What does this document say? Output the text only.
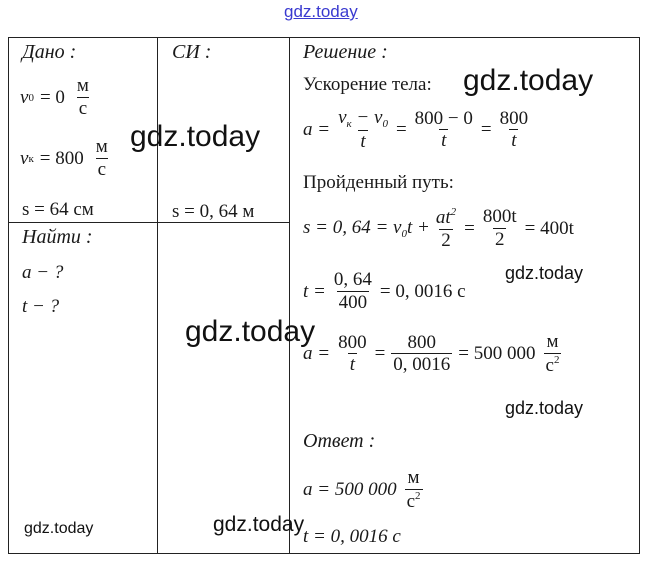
gdz.today
Дано :
v $0 = 0 \frac{м}{с}$
v $к = 800 \frac{м}{с}$
s = 64 см
Найти :
a − ?
t − ?
gdz.today
СИ :
s = 0, 64 м
Решение :
Ускорение тела:
$a = \frac{v_к - v_0}{t} = \frac{800 - 0}{t} = \frac{800}{t}$
Пройденный путь:
s = 0, $64 = v_0t + \frac{at^2}{2} = \frac{800t}{2} = 400t$
gdz.today
$t = \frac{0, 64}{400} = 0$, 0016 с
$a = \frac{800}{t} = \frac{800}{0, 0016} = 500$ $000 \frac{м}{с^2}$
gdz.today
Ответ :
a = 500 $000 \frac{м}{с^2}$
t = 0, 0016 с
gdz.today
gdz.today
gdz.today
gdz.today
